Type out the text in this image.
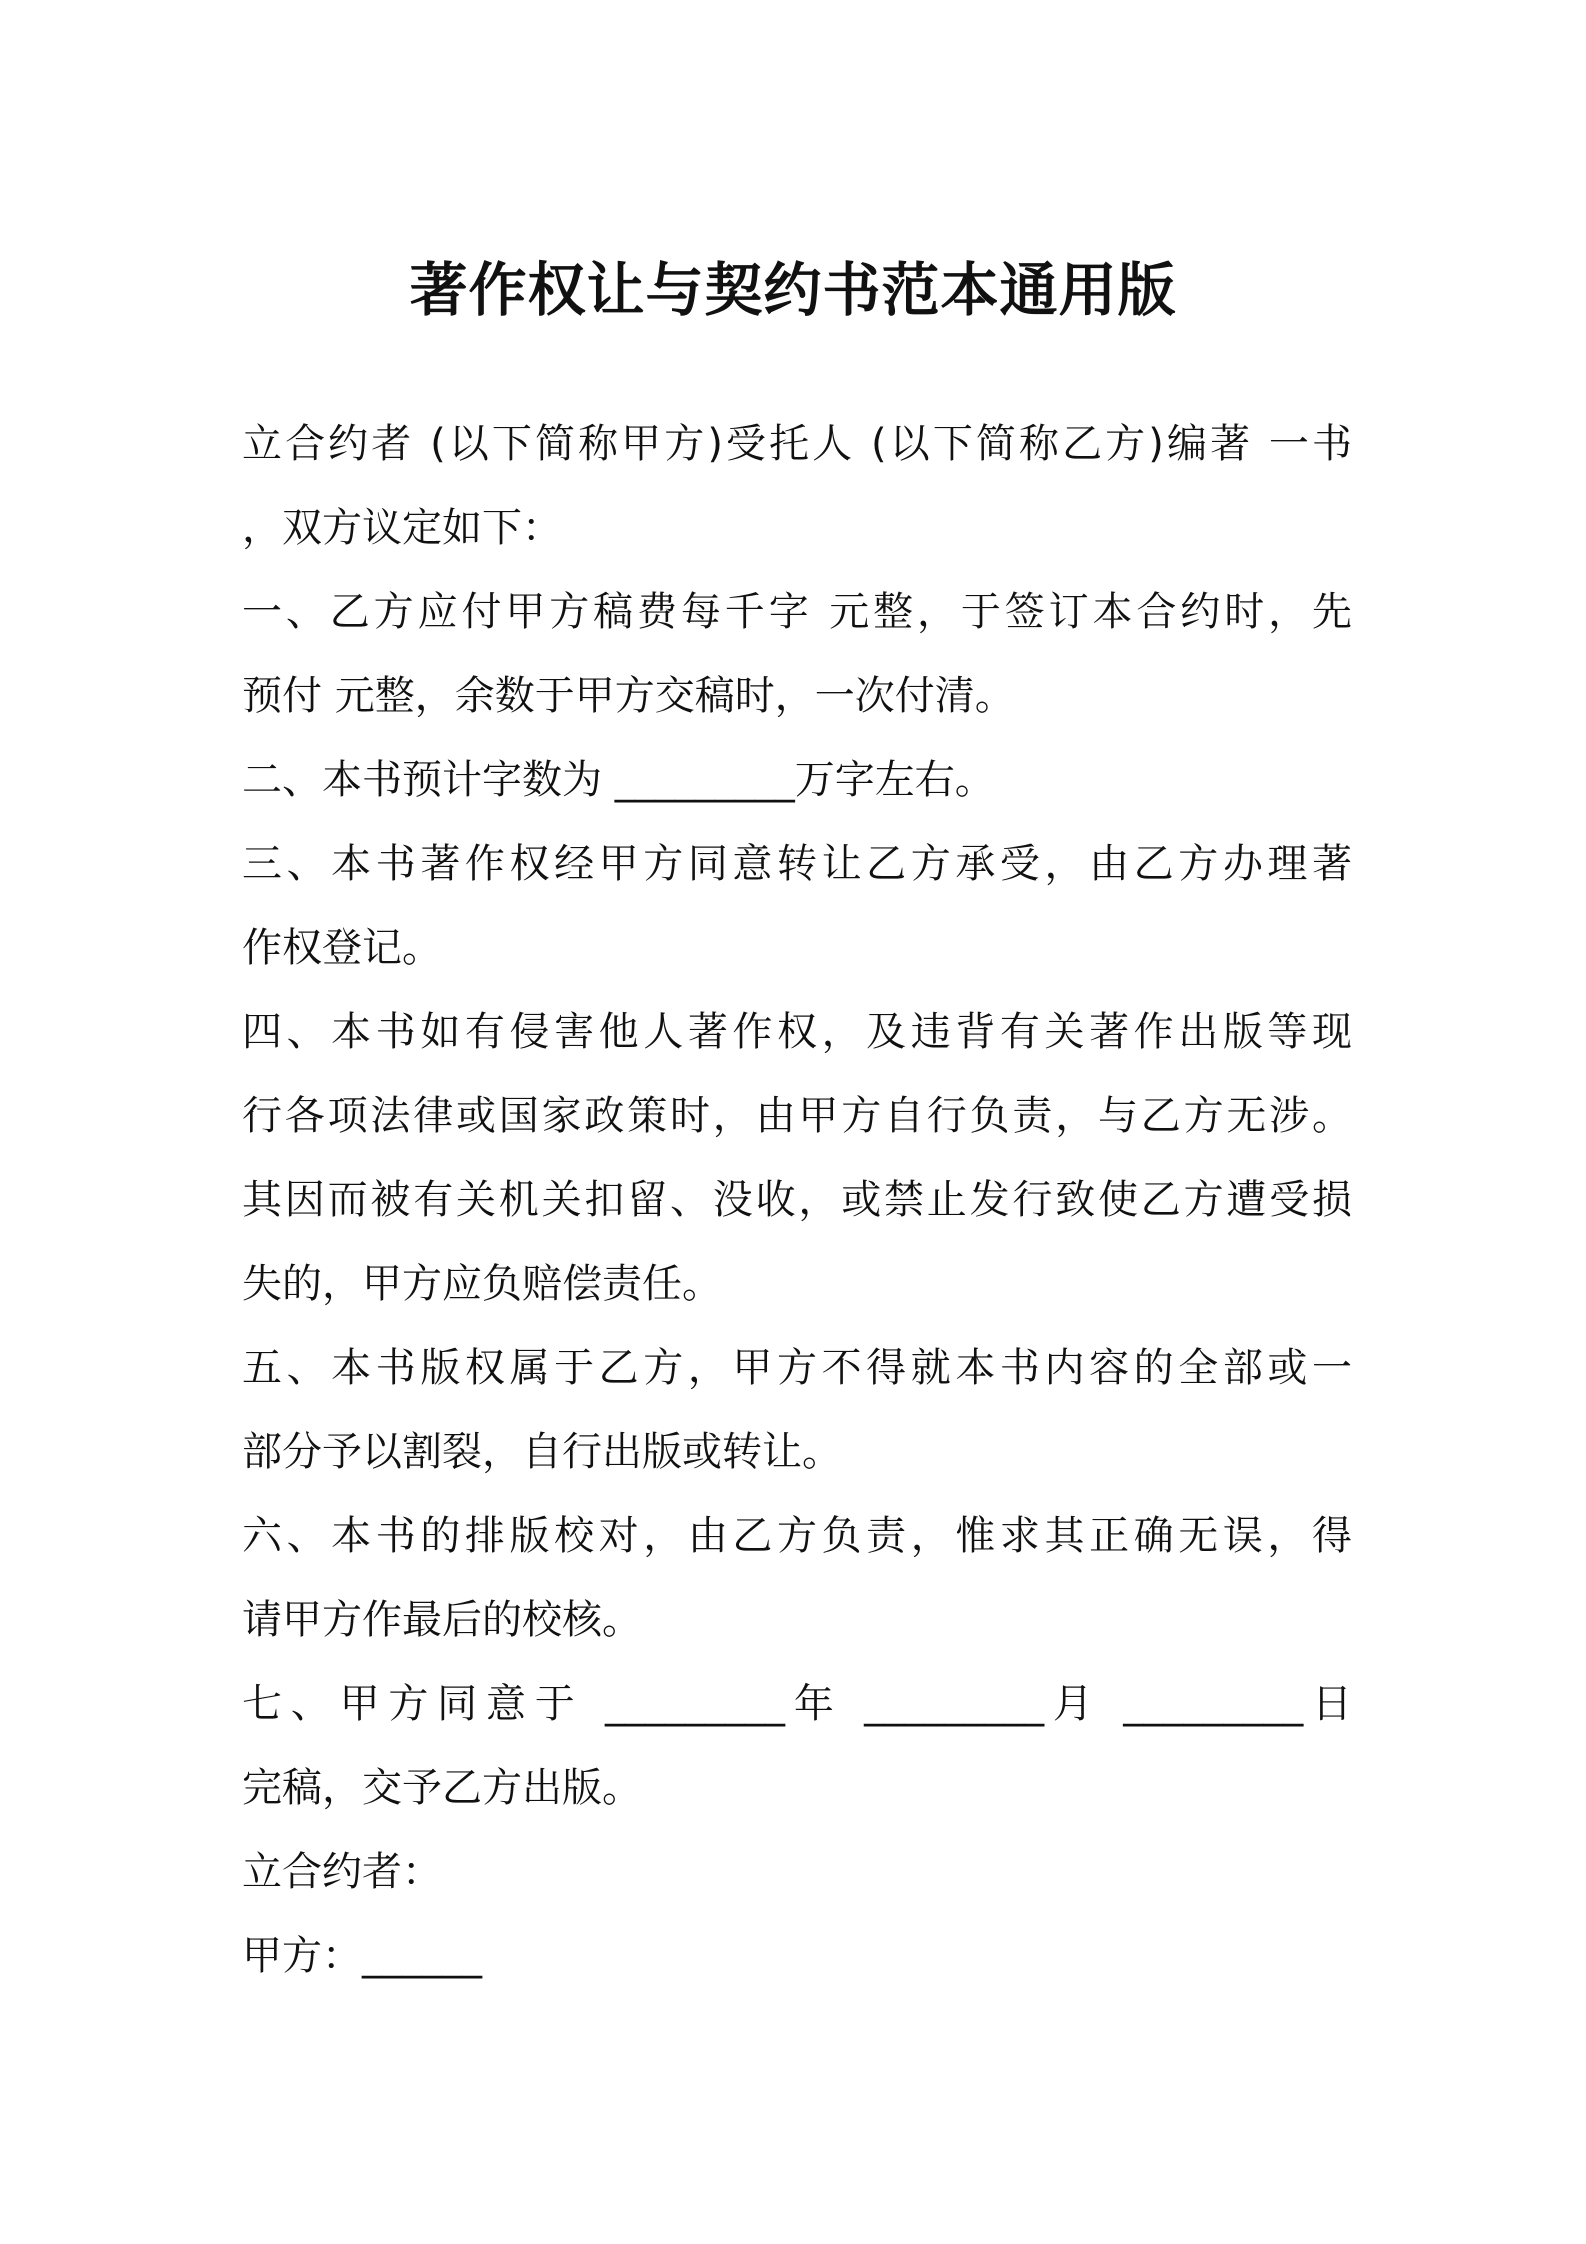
著作权让与契约书范本通用版
立合约者 (以下简称甲方)受托人 (以下简称乙方)编著 一书
，双方议定如下：
一、乙方应付甲方稿费每千字 元整，于签订本合约时，先
预付 元整，余数于甲方交稿时，一次付清。
二、本书预计字数为 _________万字左右。
三、本书著作权经甲方同意转让乙方承受，由乙方办理著
作权登记。
四、本书如有侵害他人著作权，及违背有关著作出版等现
行各项法律或国家政策时，由甲方自行负责，与乙方无涉。
其因而被有关机关扣留、没收，或禁止发行致使乙方遭受损
失的，甲方应负赔偿责任。
五、本书版权属于乙方，甲方不得就本书内容的全部或一
部分予以割裂，自行出版或转让。
六、本书的排版校对，由乙方负责，惟求其正确无误，得
请甲方作最后的校核。
七、甲方同意于 _________年 _________月 _________日
完稿，交予乙方出版。
立合约者：
甲方：______
